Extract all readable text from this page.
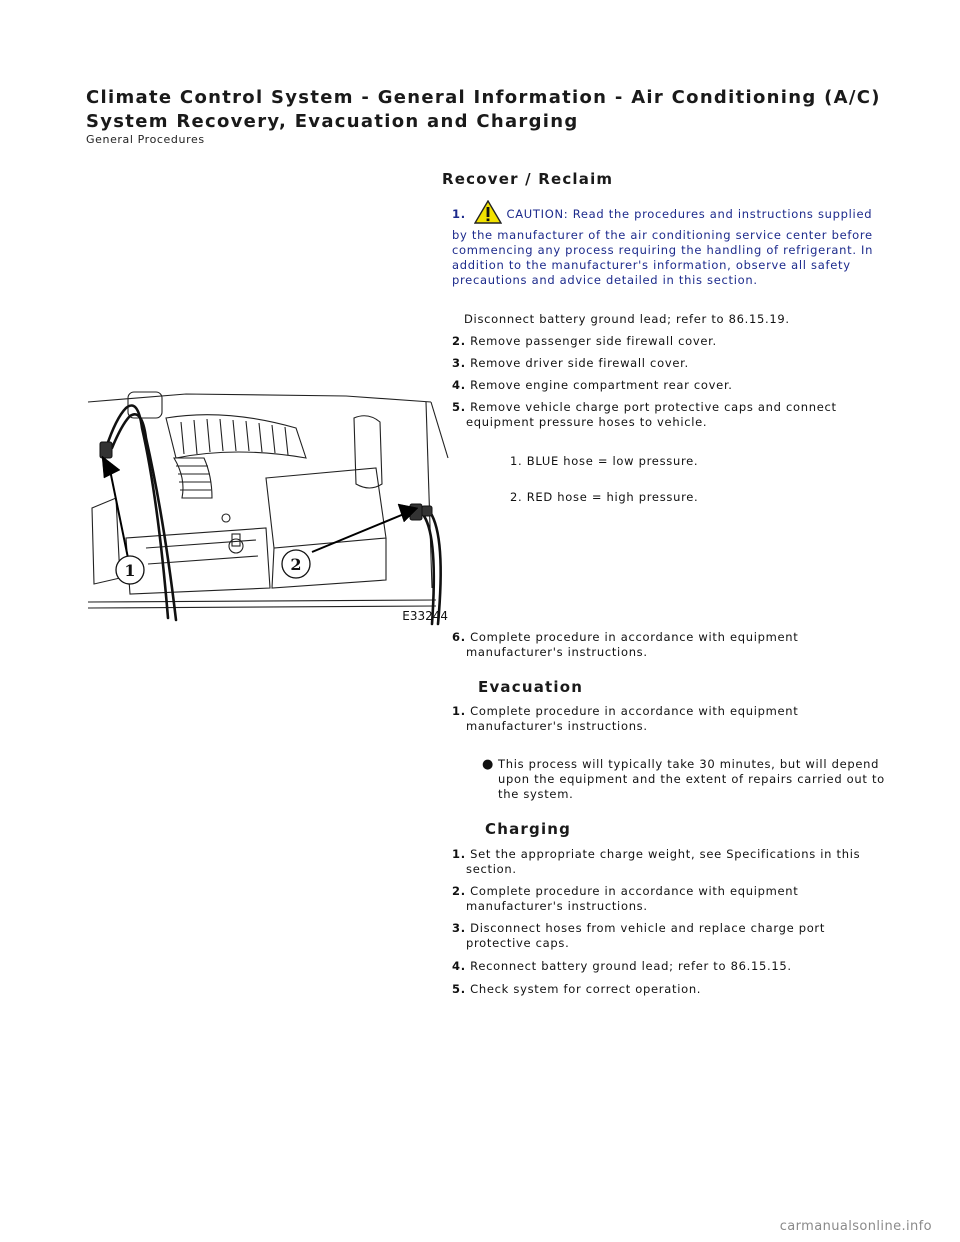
Climate Control System - General Information - Air Conditioning (A/C)
System Recovery, Evacuation and Charging
General Procedures
Recover / Reclaim
1.	CAUTION: Read the procedures and instructions supplied by the manufacturer of the air conditioning service center before commencing any process requiring the handling of refrigerant. In addition to the manufacturer's information, observe all safety precautions and advice detailed in this section.
Disconnect battery ground lead; refer to 86.15.19.
2. Remove passenger side firewall cover.
3. Remove driver side firewall cover.
4. Remove engine compartment rear cover.
5. Remove vehicle charge port protective caps and connect equipment pressure hoses to vehicle.
1. BLUE hose = low pressure.
2. RED hose = high pressure.
1	2
E33244
6. Complete procedure in accordance with equipment manufacturer's instructions.
Evacuation
1. Complete procedure in accordance with equipment manufacturer's instructions.
● This process will typically take 30 minutes, but will depend upon the equipment and the extent of repairs carried out to the system.
Charging
1. Set the appropriate charge weight, see Specifications in this section.
2. Complete procedure in accordance with equipment manufacturer's instructions.
3. Disconnect hoses from vehicle and replace charge port protective caps.
4. Reconnect battery ground lead; refer to 86.15.15.
5. Check system for correct operation.
carmanualsonline.info
